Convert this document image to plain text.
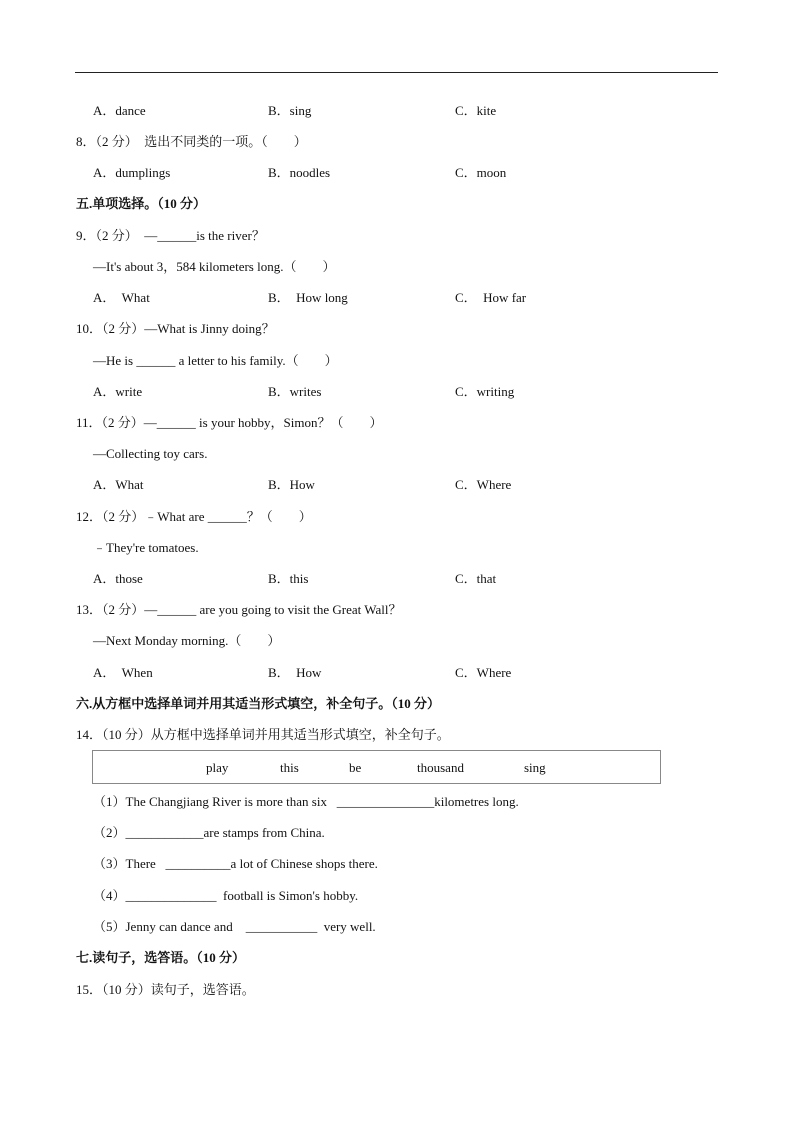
A．dance	B．sing	C．kite
8．（2 分）  选出不同类的一项。（        ）
A．dumplings	B．noodles	C．moon
五.单项选择。（10 分）
9．（2 分）  —______is the river？
—It's about 3，584 kilometers long.（        ）
A．  What	B．  How long	C．  How far
10．（2 分）—What is Jinny doing？
—He is ______ a letter to his family.（        ）
A．write	B．writes	C．writing
11．（2 分）—______ is your hobby，Simon？（        ）
—Collecting toy cars.
A．What	B．How	C．Where
12．（2 分）﹣What are ______？（        ）
﹣They're tomatoes.
A．those	B．this	C．that
13．（2 分）—______ are you going to visit the Great Wall？
—Next Monday morning.（        ）
A．  When	B．  How	C．Where
六.从方框中选择单词并用其适当形式填空，补全句子。（10 分）
14．（10 分）从方框中选择单词并用其适当形式填空，补全句子。
play	this	be	thousand	sing
（1）The Changjiang River is more than six   _______________kilometres long.
（2）____________are stamps from China.
（3）There   __________a lot of Chinese shops there.
（4）______________  football is Simon's hobby.
（5）Jenny can dance and    ___________  very well.
七.读句子，选答语。（10 分）
15．（10 分）读句子，选答语。
